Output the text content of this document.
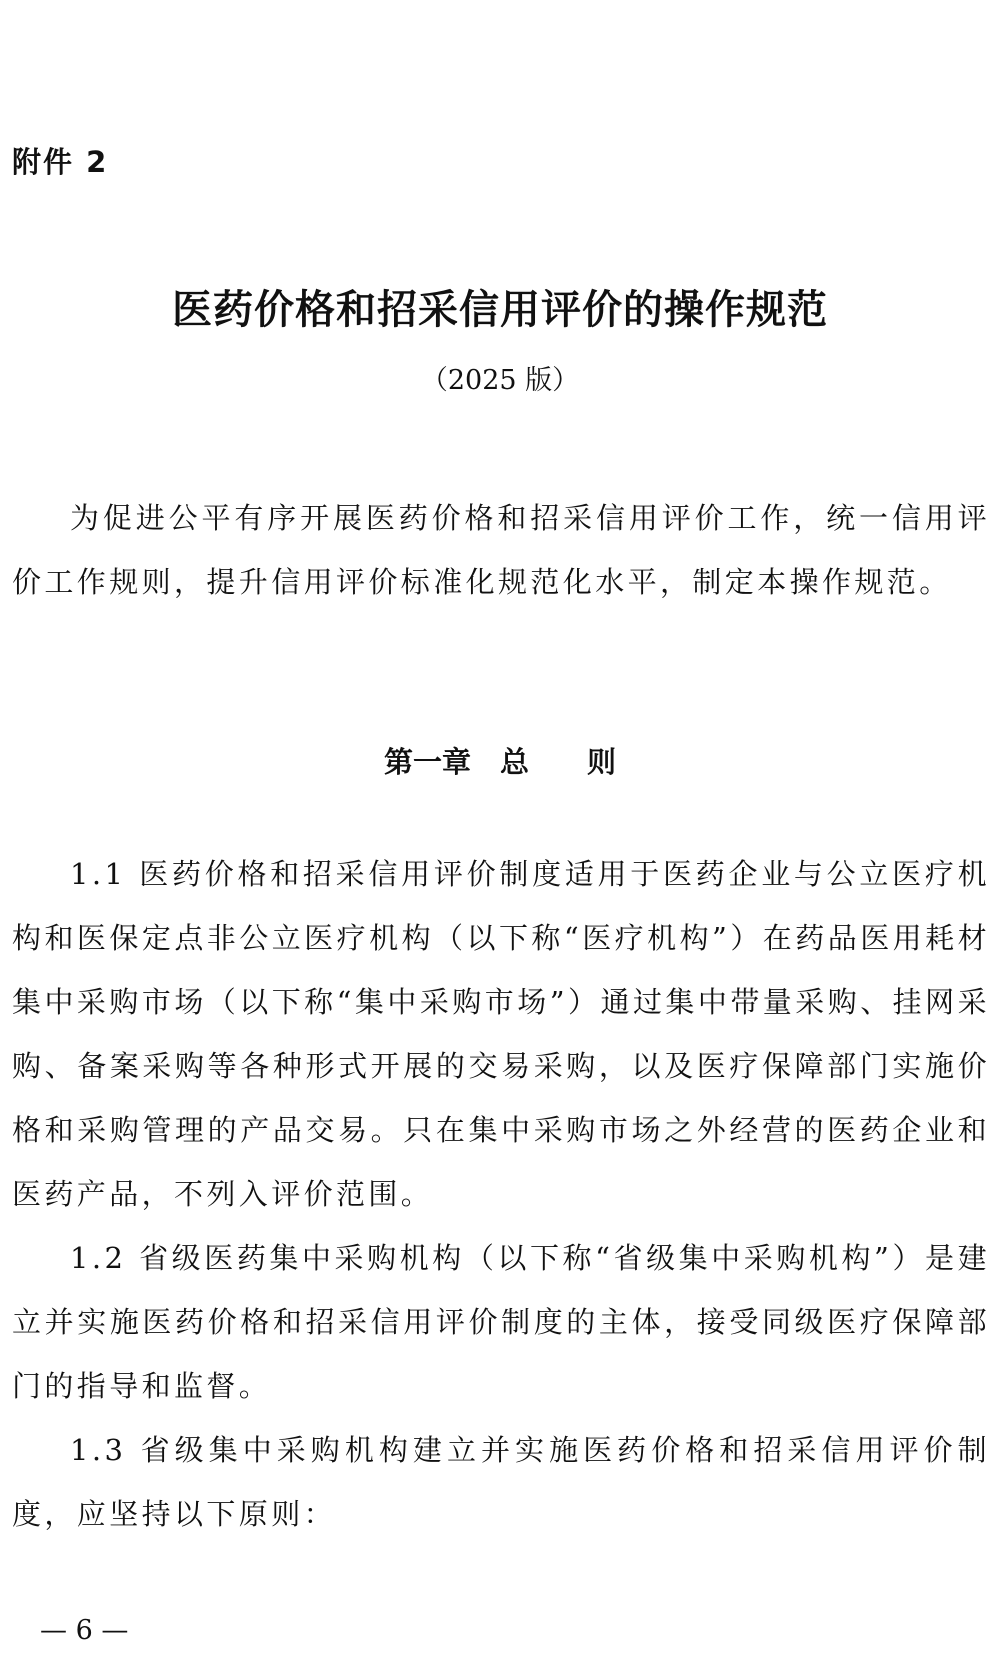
附件 2
医药价格和招采信用评价的操作规范
（2025 版）

为促进公平有序开展医药价格和招采信用评价工作，统一信用评价工作规则，提升信用评价标准化规范化水平，制定本操作规范。

第一章　总　　则

1.1 医药价格和招采信用评价制度适用于医药企业与公立医疗机构和医保定点非公立医疗机构（以下称“医疗机构”）在药品医用耗材集中采购市场（以下称“集中采购市场”）通过集中带量采购、挂网采购、备案采购等各种形式开展的交易采购，以及医疗保障部门实施价格和采购管理的产品交易。只在集中采购市场之外经营的医药企业和医药产品，不列入评价范围。

1.2 省级医药集中采购机构（以下称“省级集中采购机构”）是建立并实施医药价格和招采信用评价制度的主体，接受同级医疗保障部门的指导和监督。

1.3 省级集中采购机构建立并实施医药价格和招采信用评价制度，应坚持以下原则：

— 6 —
